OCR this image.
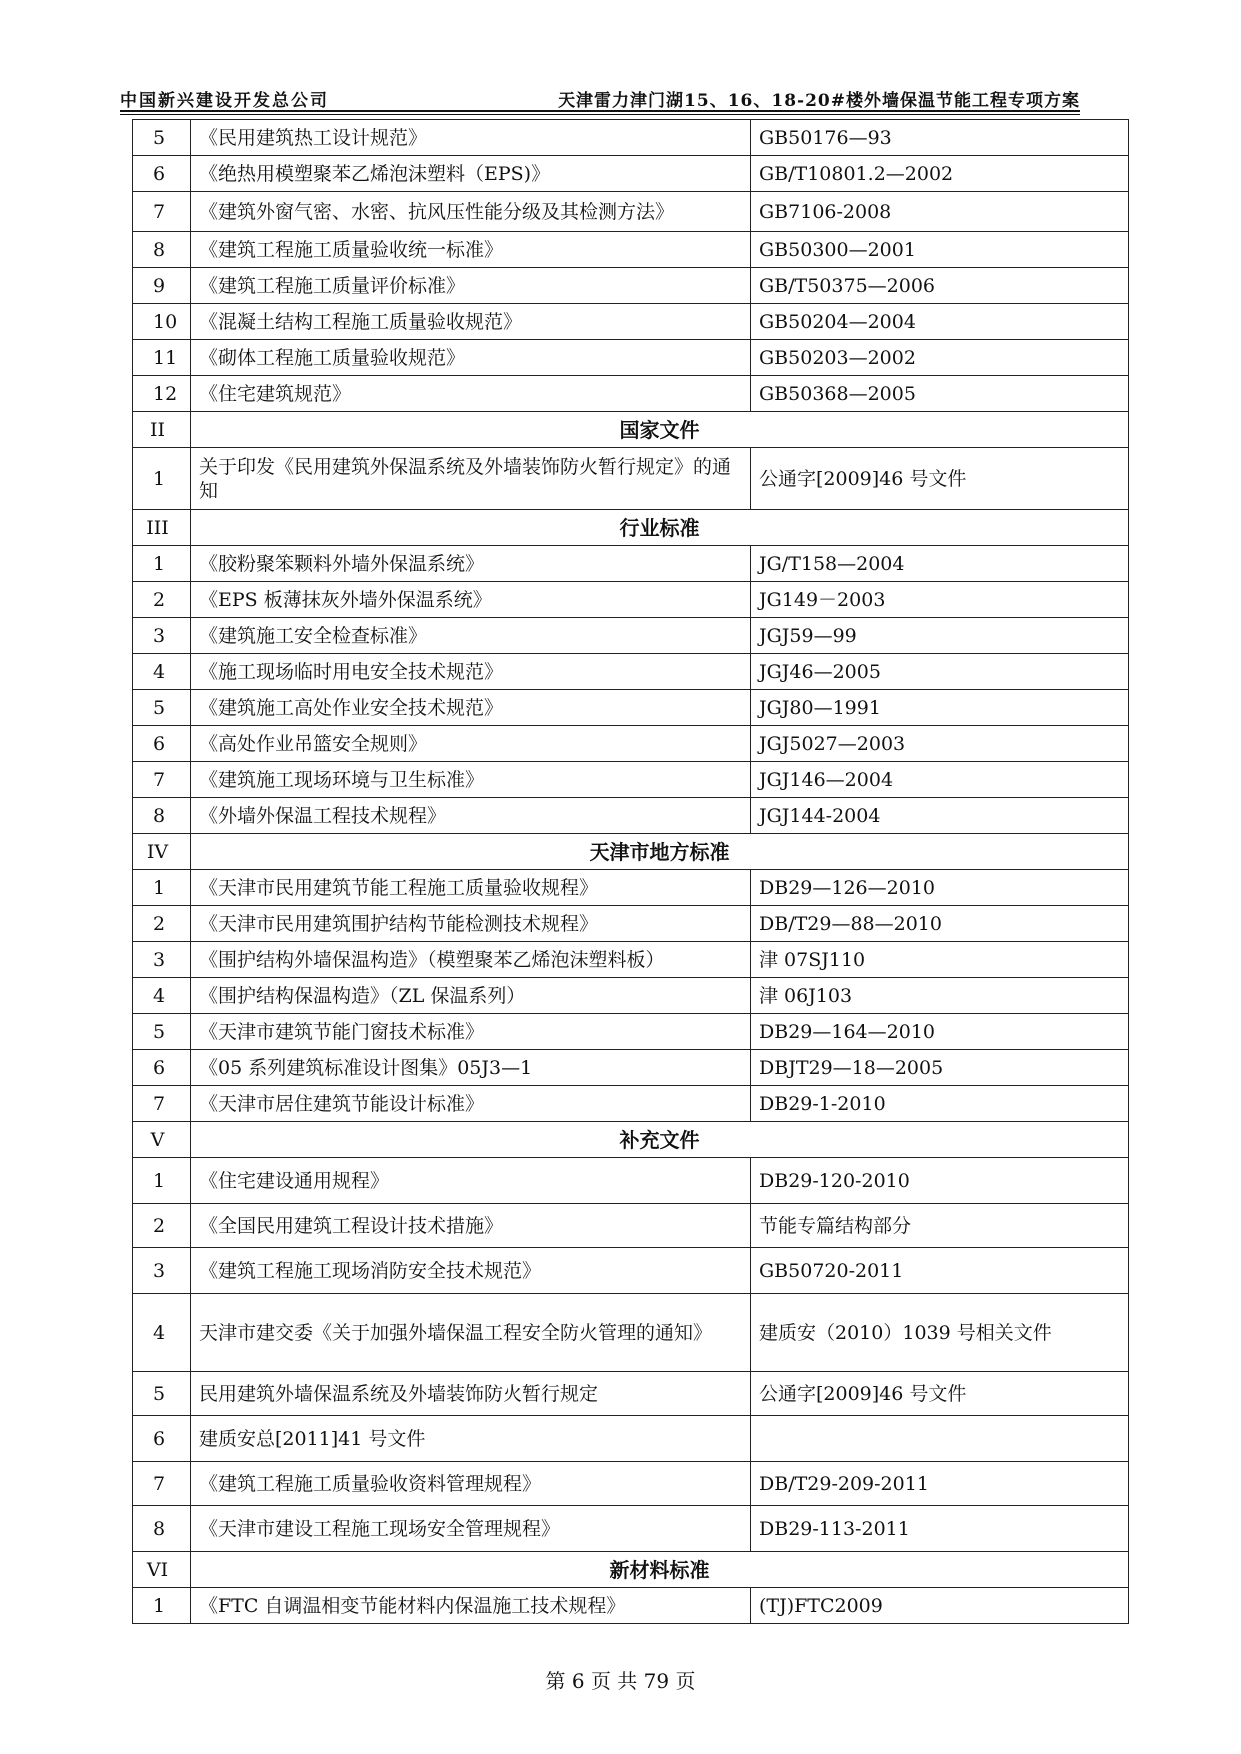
中国新兴建设开发总公司	天津雷力津门湖15、16、18-20#楼外墙保温节能工程专项方案
5	《民用建筑热工设计规范》	GB50176—93
6	《绝热用模塑聚苯乙烯泡沫塑料（EPS)》	GB/T10801.2—2002
7	《建筑外窗气密、水密、抗风压性能分级及其检测方法》	GB7106-2008
8	《建筑工程施工质量验收统一标准》	GB50300—2001
9	《建筑工程施工质量评价标准》	GB/T50375—2006
10	《混凝土结构工程施工质量验收规范》	GB50204—2004
11	《砌体工程施工质量验收规范》	GB50203—2002
12	《住宅建筑规范》	GB50368—2005
II	国家文件	
1	关于印发《民用建筑外保温系统及外墙装饰防火暂行规定》的通知	公通字[2009]46 号文件
III	行业标准	
1	《胶粉聚笨颗料外墙外保温系统》	JG/T158—2004
2	《EPS 板薄抹灰外墙外保温系统》	JG149－2003
3	《建筑施工安全检查标准》	JGJ59—99
4	《施工现场临时用电安全技术规范》	JGJ46—2005
5	《建筑施工高处作业安全技术规范》	JGJ80—1991
6	《高处作业吊篮安全规则》	JGJ5027—2003
7	《建筑施工现场环境与卫生标准》	JGJ146—2004
8	《外墙外保温工程技术规程》	JGJ144-2004
IV	天津市地方标准	
1	《天津市民用建筑节能工程施工质量验收规程》	DB29—126—2010
2	《天津市民用建筑围护结构节能检测技术规程》	DB/T29—88—2010
3	《围护结构外墙保温构造》（模塑聚苯乙烯泡沫塑料板）	津 07SJ110
4	《围护结构保温构造》（ZL 保温系列）	津 06J103
5	《天津市建筑节能门窗技术标准》	DB29—164—2010
6	《05 系列建筑标准设计图集》05J3—1	DBJT29—18—2005
7	《天津市居住建筑节能设计标准》	DB29-1-2010
V	补充文件	
1	《住宅建设通用规程》	DB29-120-2010
2	《全国民用建筑工程设计技术措施》	节能专篇结构部分
3	《建筑工程施工现场消防安全技术规范》	GB50720-2011
4	天津市建交委《关于加强外墙保温工程安全防火管理的通知》	建质安（2010）1039 号相关文件
5	民用建筑外墙保温系统及外墙装饰防火暂行规定	公通字[2009]46 号文件
6	建质安总[2011]41 号文件	
7	《建筑工程施工质量验收资料管理规程》	DB/T29-209-2011
8	《天津市建设工程施工现场安全管理规程》	DB29-113-2011
VI	新材料标准	
1	《FTC 自调温相变节能材料内保温施工技术规程》	(TJ)FTC2009
第 6 页 共 79 页
